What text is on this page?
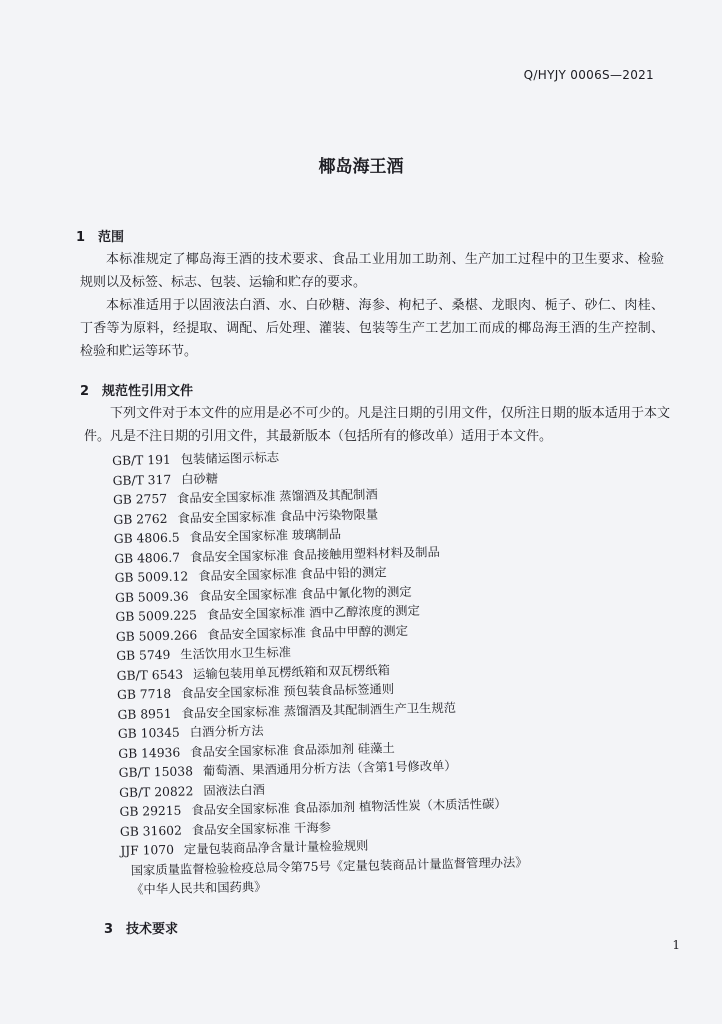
Q/HYJY 0006S—2021
椰岛海王酒
1 范围

本标准规定了椰岛海王酒的技术要求、食品工业用加工助剂、生产加工过程中的卫生要求、检验规则以及标签、标志、包装、运输和贮存的要求。

本标准适用于以固液法白酒、水、白砂糖、海参、枸杞子、桑椹、龙眼肉、栀子、砂仁、肉桂、丁香等为原料，经提取、调配、后处理、灌装、包装等生产工艺加工而成的椰岛海王酒的生产控制、检验和贮运等环节。

2 规范性引用文件

下列文件对于本文件的应用是必不可少的。凡是注日期的引用文件，仅所注日期的版本适用于本文件。凡是不注日期的引用文件，其最新版本（包括所有的修改单）适用于本文件。

GB/T 191 包装储运图示标志
GB/T 317 白砂糖
GB 2757 食品安全国家标准 蒸馏酒及其配制酒
GB 2762 食品安全国家标准 食品中污染物限量
GB 4806.5 食品安全国家标准 玻璃制品
GB 4806.7 食品安全国家标准 食品接触用塑料材料及制品
GB 5009.12 食品安全国家标准 食品中铅的测定
GB 5009.36 食品安全国家标准 食品中氰化物的测定
GB 5009.225 食品安全国家标准 酒中乙醇浓度的测定
GB 5009.266 食品安全国家标准 食品中甲醇的测定
GB 5749 生活饮用水卫生标准
GB/T 6543 运输包装用单瓦楞纸箱和双瓦楞纸箱
GB 7718 食品安全国家标准 预包装食品标签通则
GB 8951 食品安全国家标准 蒸馏酒及其配制酒生产卫生规范
GB 10345 白酒分析方法
GB 14936 食品安全国家标准 食品添加剂 硅藻土
GB/T 15038 葡萄酒、果酒通用分析方法（含第1号修改单）
GB/T 20822 固液法白酒
GB 29215 食品安全国家标准 食品添加剂 植物活性炭（木质活性碳）
GB 31602 食品安全国家标准 干海参
JJF 1070 定量包装商品净含量计量检验规则
国家质量监督检验检疫总局令第75号《定量包装商品计量监督管理办法》
《中华人民共和国药典》
3 技术要求
1
